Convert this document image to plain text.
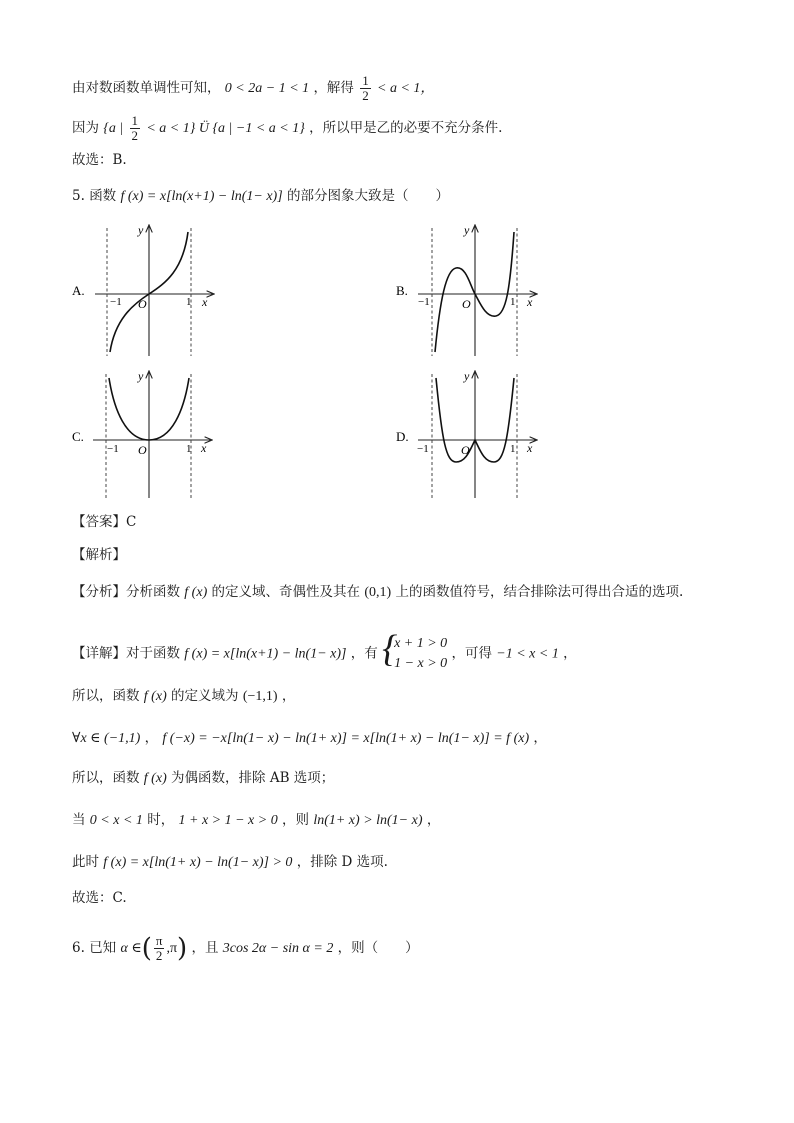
由对数函数单调性可知， 0 < 2a − 1 < 1 ，解得 $\frac{1}{2} < a < 1$，
因为 {a | $\frac{1}{2} < a < 1$} Ü {a | −1 < a < 1} ，所以甲是乙的必要不充分条件.
故选：B.
5. 函数 f (x) = x[ln(x+1) − ln(1− x)] 的部分图象大致是（　　）
A.
y
x
O
−1	1
B.
y
x
O
−1	1
C.
y
x
O
−1	1
D.
y
x
O
−1	1
【答案】C
【解析】
【分析】分析函数 f (x) 的定义域、奇偶性及其在 (0,1) 上的函数值符号，结合排除法可得出合适的选项.
【详解】对于函数 f (x) = x[ln(x+1) − ln(1− x)] ，有 {
x + 1 > 0
1 − x > 0
，可得 −1 < x < 1 ，
所以，函数 f (x) 的定义域为 (−1,1) ，
∀x ∈ (−1,1) ， f (−x) = −x[ln(1− x) − ln(1+ x)] = x[ln(1+ x) − ln(1− x)] = f (x) ，
所以，函数 f (x) 为偶函数，排除 AB 选项；
当 0 < x < 1 时， 1 + x > 1 − x > 0 ，则 ln(1+ x) > ln(1− x) ，
此时 f (x) = x[ln(1+ x) − ln(1− x)] > 0 ，排除 D 选项.
故选：C.
6. 已知 α ∈( $\frac{\pi}{2} ,\pi$) ，且 3cos 2α − sin α = 2 ，则（　　）
